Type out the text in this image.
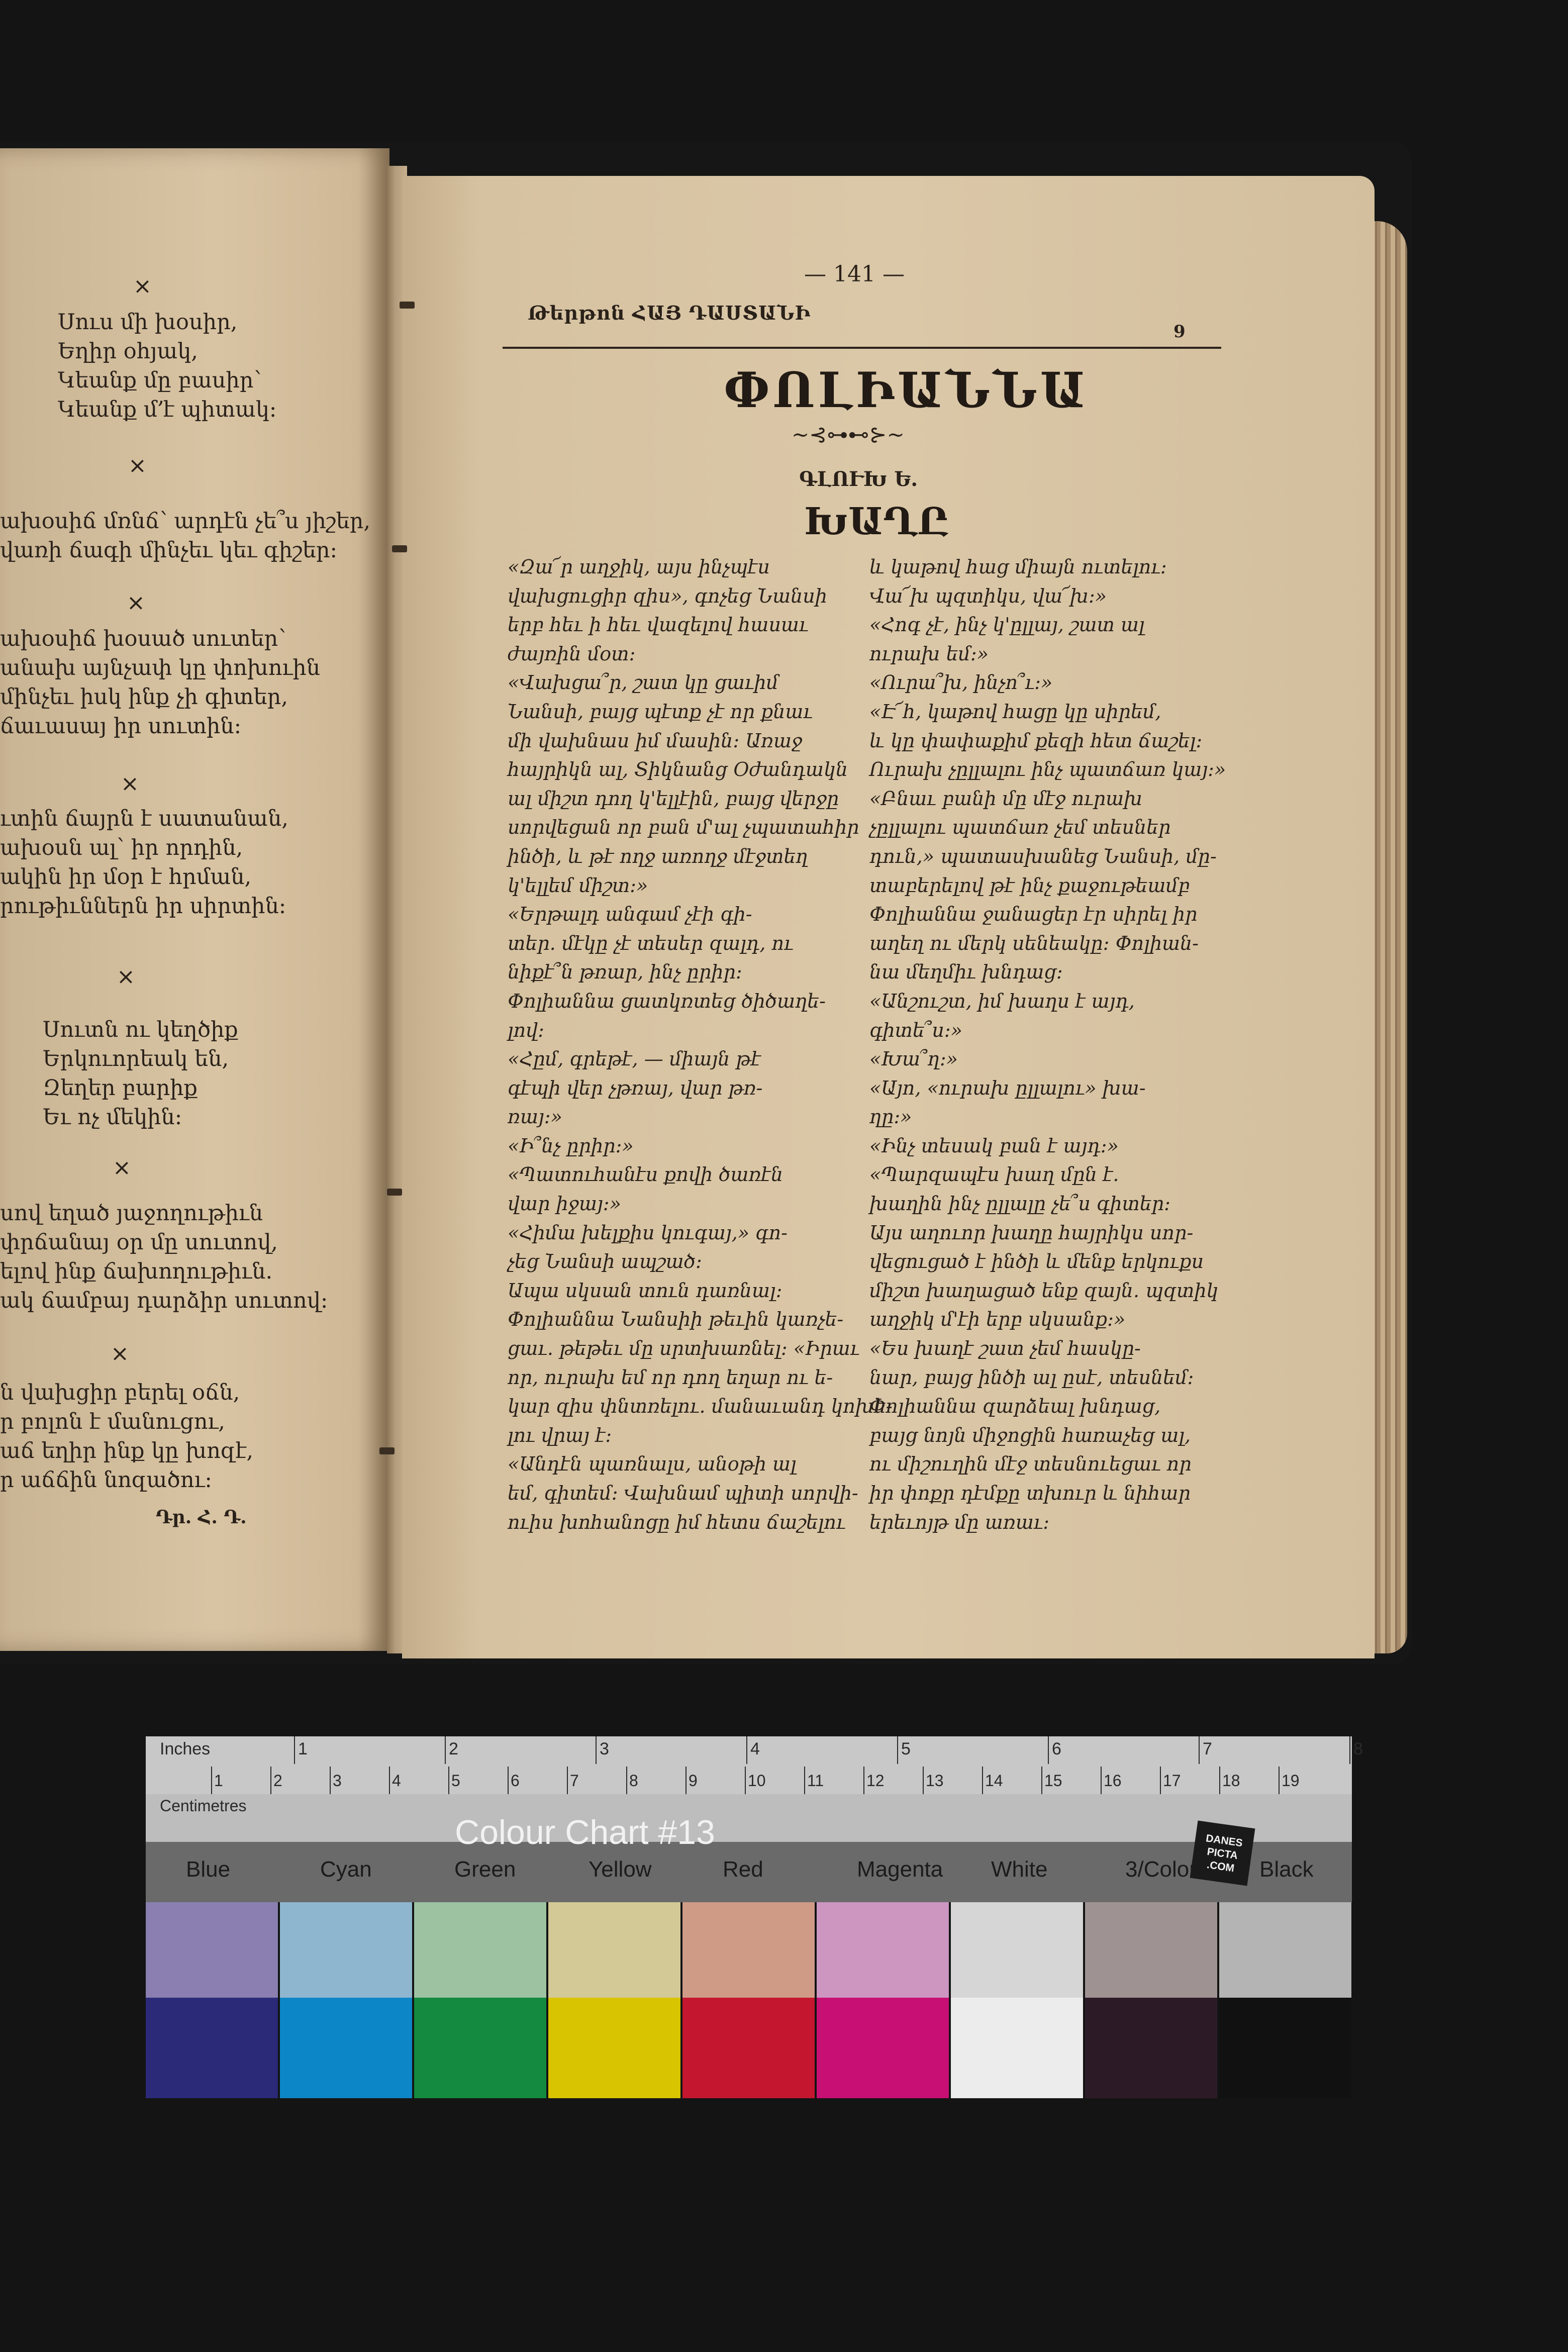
×
Սուս մի խօսիր,
Եղիր օհյակ,
Կեանք մը բասիր՝
Կեանք մ՚է պիտակ:
×
ախօսիճ մռնճ՝ արդէն չե՞ս յիշեր,
վառի ճագի մինչեւ կեւ գիշեր:
×
ախօսիճ խօսած սուտեր՝
անախ այնչափ կը փոխուին
մինչեւ իսկ ինք չի գիտեր,
ճաւասայ իր սուտին:
×
ւտին ճայրն է սատանան,
ախօսն ալ՝ իր որդին,
ակին իր մօր է հրման,
րութիւններն իր սիրտին:
×
Սուտն ու կեղծիք
Երկուորեակ են,
Զեղեր բարիք
Եւ ոչ մեկին:
×
սով եղած յաջողութիւն
փրճանայ օր մը սուտով,
ելով ինք ճախողութիւն.
ակ ճամբայ դարձիր սուտով:
×
ն վախցիր բերել օճն,
ր բոլոն է մանուցու,
աճ եղիր ինք կը խոզէ,
ր աճճին նոզածու:
Դր. Հ. Դ.
— 141 —
Թերթոն ՀԱՅ ԴԱՍՏԱՆԻ
9
ՓՈԼԻԱՆՆԱ
~⊰⊶⊷⊱~
ԳԼՈՒԽ Ե.
ԽԱՂԸ
«Զա՜ր աղջիկ, այս ինչպէս
վախցուցիր զիս», գոչեց Նանսի
երբ հեւ ի հեւ վազելով հասաւ
ժայռին մօտ:
«Վախցա՞ր, շատ կը ցաւիմ
Նանսի, բայց պէտք չէ որ քնաւ
մի վախնաս իմ մասին: Առաջ
հայրիկն ալ, Տիկնանց Օժանդակն
ալ միշտ դող կ'ելլէին, բայց վերջը
սորվեցան որ բան մ'ալ չպատահիր
ինծի, և թէ ողջ առողջ մէջտեղ
կ'ելլեմ միշտ:»
«Երթալդ անգամ չէի գի-
տեր. մէկը չէ տեսեր զալդ, ու
նիքէ՞ն թռար, ինչ ըրիր:
Փոլիաննա ցատկռտեց ծիծաղե-
լով:
«Հըմ, գրեթէ, — միայն թէ
գէպի վեր չթռայ, վար թռ-
ռայ:»
«Ի՞նչ ըրիր:»
«Պատուհանէս քովի ծառէն
վար իջայ:»
«Հիմա խելքիս կուգայ,» գո-
չեց Նանսի ապշած:
Ապա սկսան տուն դառնալ:
Փոլիաննա Նանսիի թեւին կառչե-
ցաւ. թեթեւ մը սրտխառնել: «Իրաւ
որ, ուրախ եմ որ դող եղար ու ե-
կար զիս փնտռելու. մանաւանդ կոխե-
լու վրայ է:
«Անդէն պառնալս, անօթի ալ
եմ, գիտեմ: Վախնամ պիտի սորվի-
ուիս խոհանոցը իմ հետս ճաշելու
և կաթով հաց միայն ուտելու:
Վա՜խ պզտիկս, վա՜խ:»
«Հոգ չէ, ինչ կ'ըլլայ, շատ ալ
ուրախ եմ:»
«Ուրա՞խ, ինչո՞ւ:»
«Է՜հ, կաթով հացը կը սիրեմ,
և կը փափաքիմ քեզի հետ ճաշել:
Ուրախ չըլլալու ինչ պատճառ կայ:»
«Բնաւ բանի մը մէջ ուրախ
չըլլալու պատճառ չեմ տեսներ
դուն,» պատասխանեց Նանսի, մը-
տաբերելով թէ ինչ քաջութեամբ
Փոլիաննա ջանացեր էր սիրել իր
աղեղ ու մերկ սենեակը: Փոլիան-
նա մեղմիւ խնդաց:
«Անշուշտ, իմ խաղս է այդ,
գիտե՞ս:»
«Խա՞ղ:»
«Այո, «ուրախ ըլլալու» խա-
ղը:»
«Ինչ տեսակ բան է այդ:»
«Պարզապէս խաղ մըն է.
խաղին ինչ ըլլալը չե՞ս գիտեր:
Այս աղուոր խաղը հայրիկս սոր-
վեցուցած է ինծի և մենք երկուքս
միշտ խաղացած ենք զայն. պզտիկ
աղջիկ մ'էի երբ սկսանք:»
«Ես խաղէ շատ չեմ հասկը-
նար, բայց ինծի ալ ըսէ, տեսնեմ:
Փոլիաննա զարձեալ խնդաց,
բայց նոյն միջոցին հառաչեց ալ,
ու միշուղին մէջ տեսնուեցաւ որ
իր փոքր դէմքը տխուր և նիհար
երեւոյթ մը առաւ:
Inches
Centimetres
1	2	3	4	5	6	7	8
1	2	3	4	5	6	7	8	9	10	11	12	13	14	15	16	17	18	19
Colour Chart #13	DANES PICTA .COM
Blue	Cyan	Green	Yellow	Red	Magenta White	3/Color	Black
